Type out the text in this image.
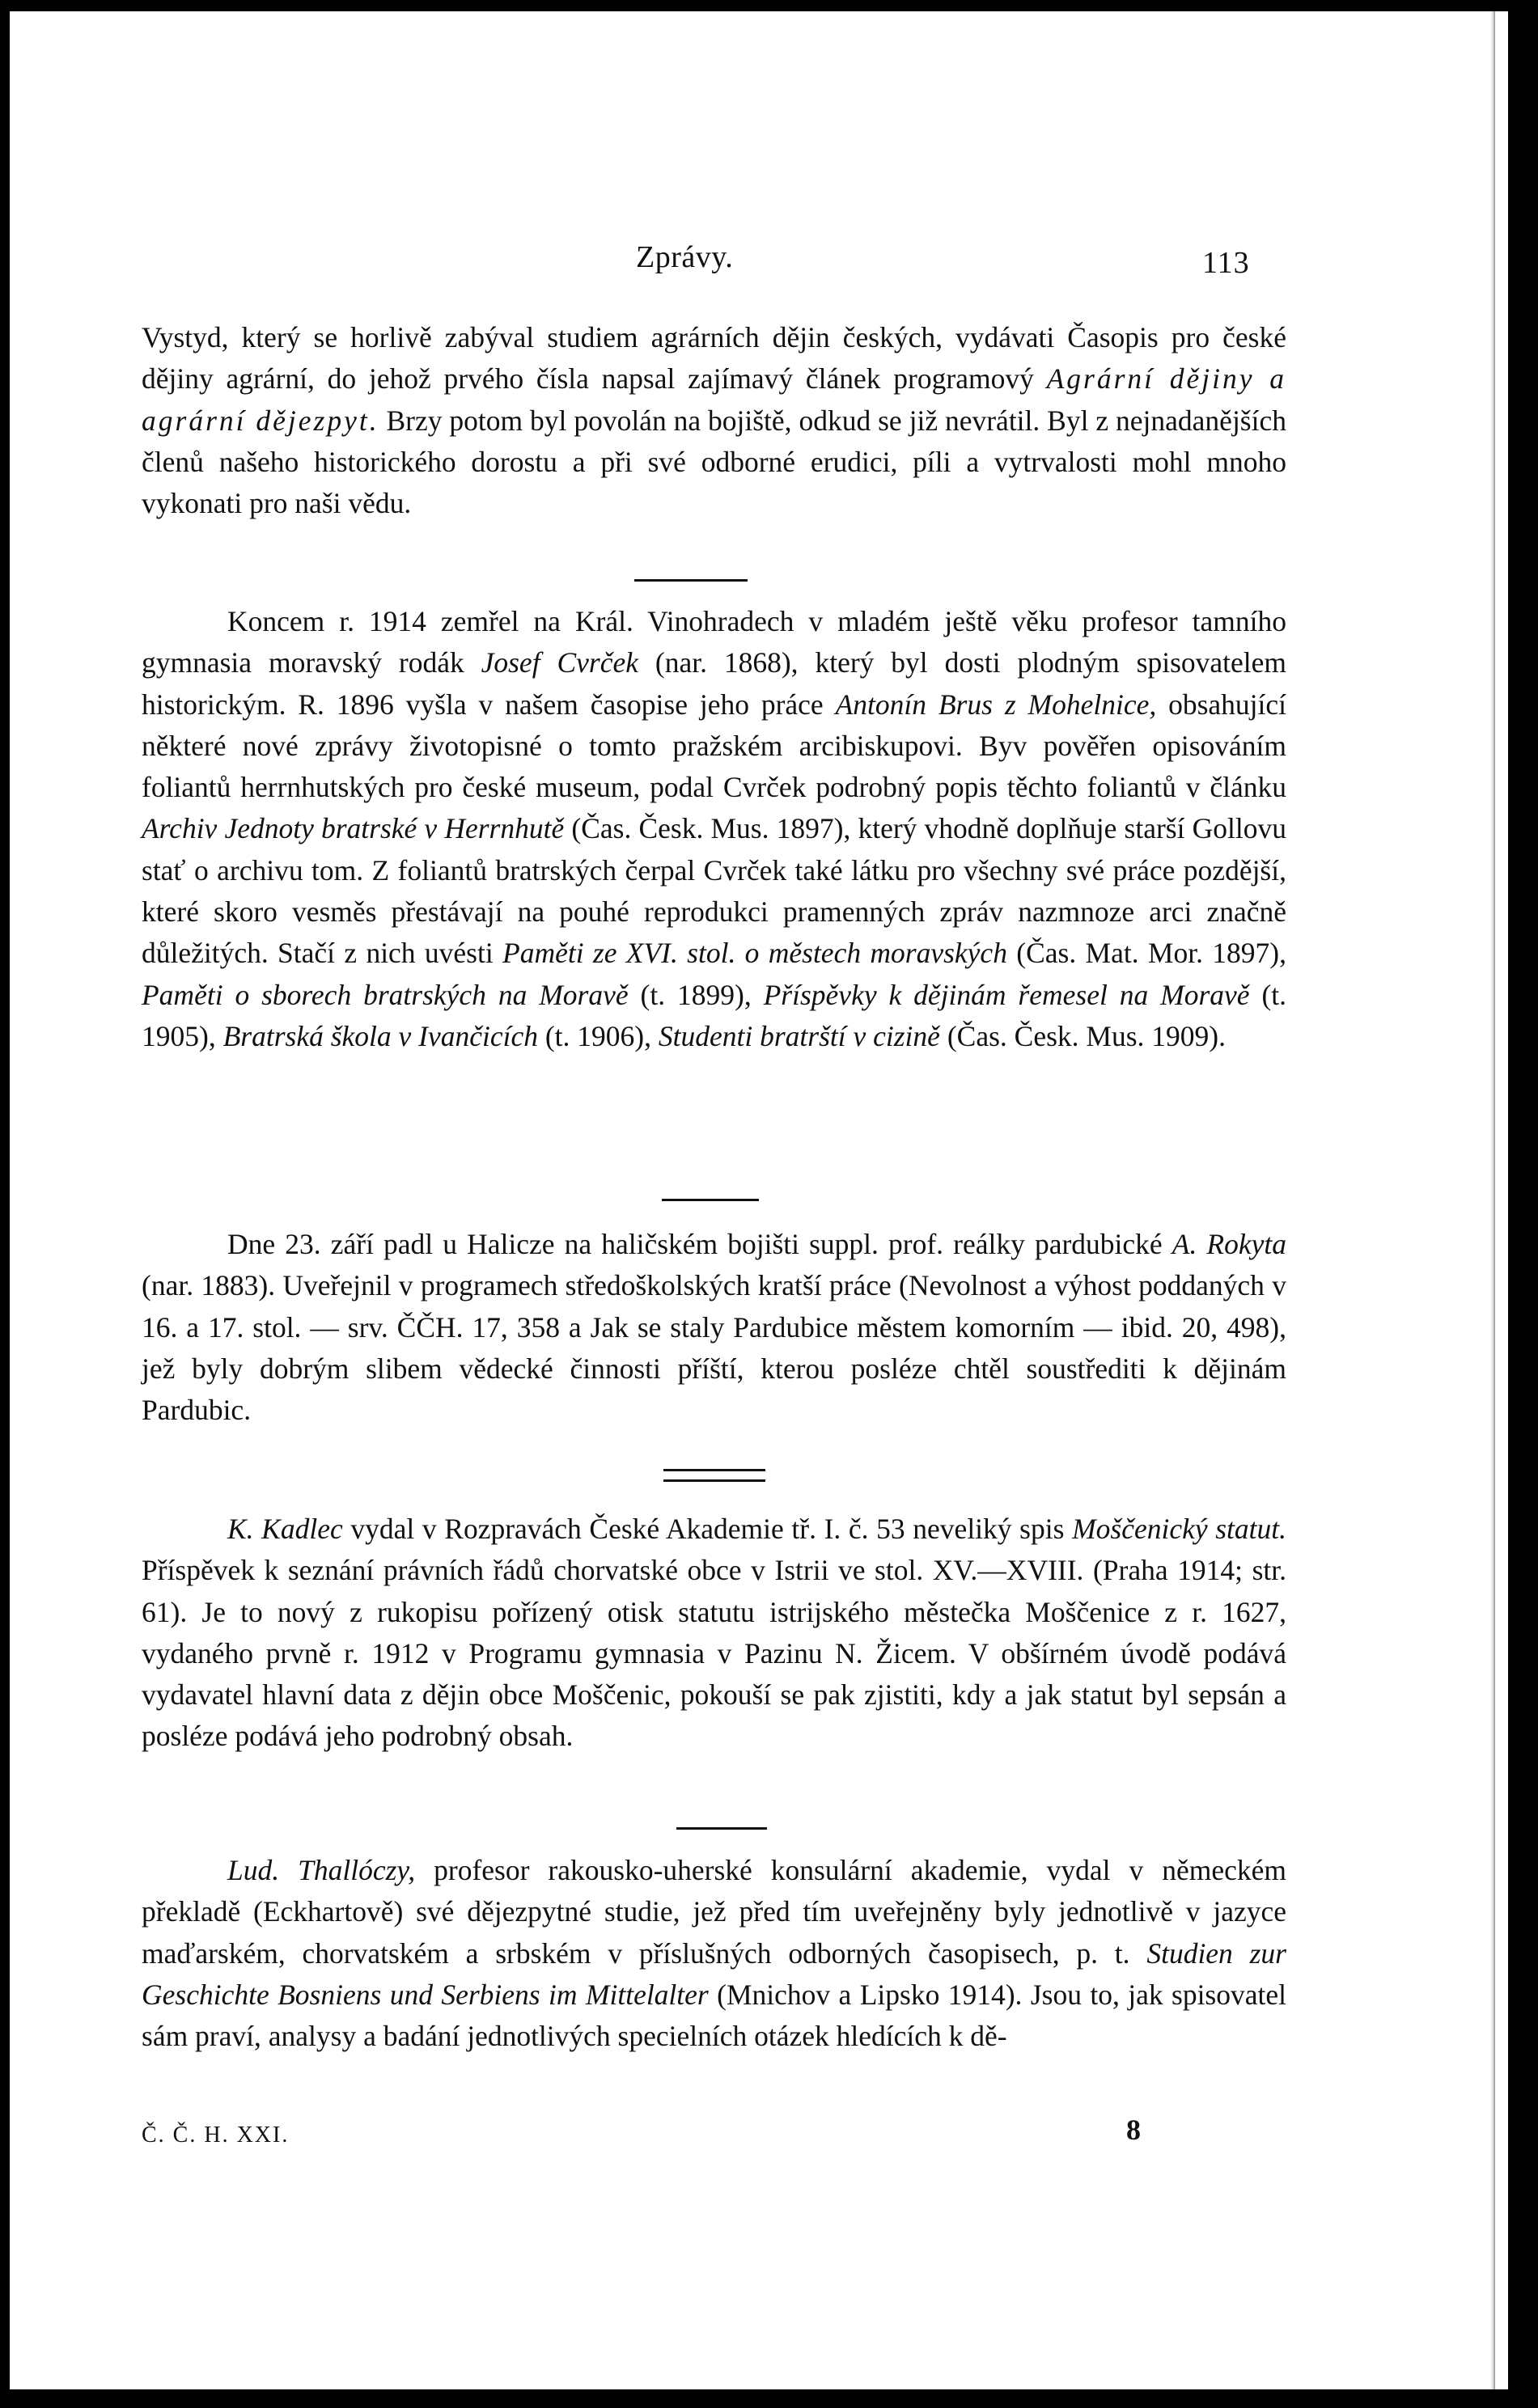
Zprávy.	113
Vystyd, který se horlivě zabýval studiem agrárních dějin českých, vydávati Časopis pro české dějiny agrární, do jehož prvého čísla napsal zajímavý článek programový Agrární dějiny a agrární dějezpyt. Brzy potom byl povolán na bojiště, odkud se již nevrátil. Byl z nejnadanějších členů našeho historického dorostu a při své odborné erudici, píli a vytrvalosti mohl mnoho vykonati pro naši vědu.
Koncem r. 1914 zemřel na Král. Vinohradech v mladém ještě věku profesor tamního gymnasia moravský rodák Josef Cvrček (nar. 1868), který byl dosti plodným spisovatelem historickým. R. 1896 vyšla v našem časopise jeho práce Antonín Brus z Mohelnice, obsahující některé nové zprávy životopisné o tomto pražském arcibiskupovi. Byv pověřen opisováním foliantů herrnhutských pro české museum, podal Cvrček podrobný popis těchto foliantů v článku Archiv Jednoty bratrské v Herrnhutě (Čas. Česk. Mus. 1897), který vhodně doplňuje starší Gollovu stať o archivu tom. Z foliantů bratrských čerpal Cvrček také látku pro všechny své práce pozdější, které skoro vesměs přestávají na pouhé reprodukci pramenných zpráv nazmnoze arci značně důležitých. Stačí z nich uvésti Paměti ze XVI. stol. o městech moravských (Čas. Mat. Mor. 1897), Paměti o sborech bratrských na Moravě (t. 1899), Příspěvky k dějinám řemesel na Moravě (t. 1905), Bratrská škola v Ivančicích (t. 1906), Studenti bratrští v cizině (Čas. Česk. Mus. 1909).
Dne 23. září padl u Halicze na haličském bojišti suppl. prof. reálky pardubické A. Rokyta (nar. 1883). Uveřejnil v programech středoškolských kratší práce (Nevolnost a výhost poddaných v 16. a 17. stol. — srv. ČČH. 17, 358 a Jak se staly Pardubice městem komorním — ibid. 20, 498), jež byly dobrým slibem vědecké činnosti příští, kterou posléze chtěl soustřediti k dějinám Pardubic.
K. Kadlec vydal v Rozpravách České Akademie tř. I. č. 53 neveliký spis Moščenický statut. Příspěvek k seznání právních řádů chorvatské obce v Istrii ve stol. XV.—XVIII. (Praha 1914; str. 61). Je to nový z rukopisu pořízený otisk statutu istrijského městečka Moščenice z r. 1627, vydaného prvně r. 1912 v Programu gymnasia v Pazinu N. Žicem. V obšírném úvodě podává vydavatel hlavní data z dějin obce Moščenic, pokouší se pak zjistiti, kdy a jak statut byl sepsán a posléze podává jeho podrobný obsah.
Lud. Thallóczy, profesor rakousko-uherské konsulární akademie, vydal v německém překladě (Eckhartově) své dějezpytné studie, jež před tím uveřejněny byly jednotlivě v jazyce maďarském, chorvatském a srbském v příslušných odborných časopisech, p. t. Studien zur Geschichte Bosniens und Serbiens im Mittelalter (Mnichov a Lipsko 1914). Jsou to, jak spisovatel sám praví, analysy a badání jednotlivých specielních otázek hledících k dě-
Č. Č. H. XXI.	8
